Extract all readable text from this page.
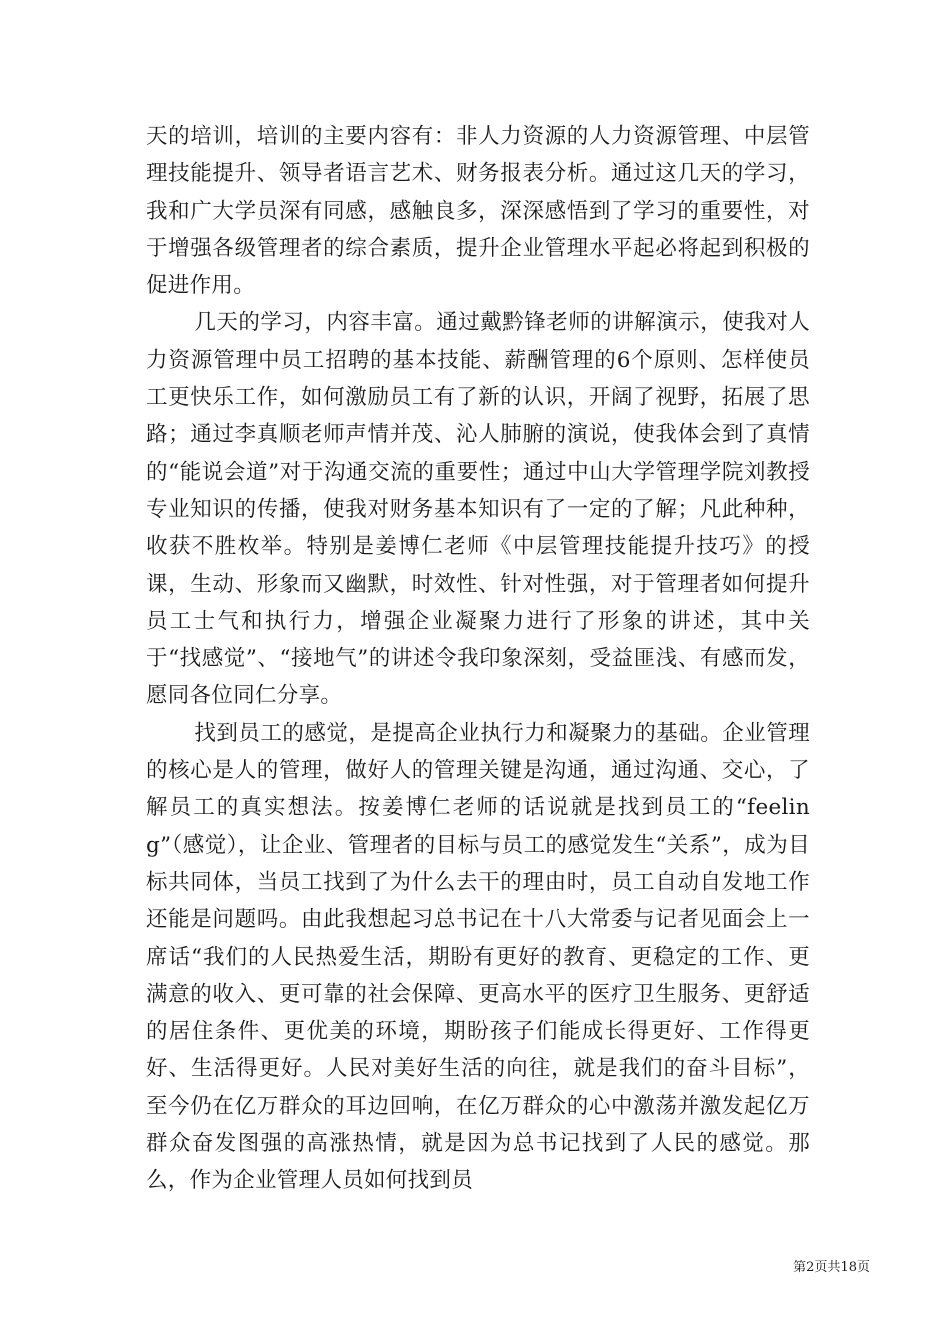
天的培训，培训的主要内容有：非人力资源的人力资源管理、中层管理技能提升、领导者语言艺术、财务报表分析。通过这几天的学习，我和广大学员深有同感，感触良多，深深感悟到了学习的重要性，对于增强各级管理者的综合素质，提升企业管理水平起必将起到积极的促进作用。

几天的学习，内容丰富。通过戴黔锋老师的讲解演示，使我对人力资源管理中员工招聘的基本技能、薪酬管理的6个原则、怎样使员工更快乐工作，如何激励员工有了新的认识，开阔了视野，拓展了思路；通过李真顺老师声情并茂、沁人肺腑的演说，使我体会到了真情的“能说会道”对于沟通交流的重要性；通过中山大学管理学院刘教授专业知识的传播，使我对财务基本知识有了一定的了解；凡此种种，收获不胜枚举。特别是姜博仁老师《中层管理技能提升技巧》的授课，生动、形象而又幽默，时效性、针对性强，对于管理者如何提升员工士气和执行力，增强企业凝聚力进行了形象的讲述，其中关于“找感觉”、“接地气”的讲述令我印象深刻，受益匪浅、有感而发，愿同各位同仁分享。

找到员工的感觉，是提高企业执行力和凝聚力的基础。企业管理的核心是人的管理，做好人的管理关键是沟通，通过沟通、交心，了解员工的真实想法。按姜博仁老师的话说就是找到员工的“feeling”（感觉），让企业、管理者的目标与员工的感觉发生“关系”，成为目标共同体，当员工找到了为什么去干的理由时，员工自动自发地工作还能是问题吗。由此我想起习总书记在十八大常委与记者见面会上一席话“我们的人民热爱生活，期盼有更好的教育、更稳定的工作、更满意的收入、更可靠的社会保障、更高水平的医疗卫生服务、更舒适的居住条件、更优美的环境，期盼孩子们能成长得更好、工作得更好、生活得更好。人民对美好生活的向往，就是我们的奋斗目标”，至今仍在亿万群众的耳边回响，在亿万群众的心中激荡并激发起亿万群众奋发图强的高涨热情，就是因为总书记找到了人民的感觉。那么，作为企业管理人员如何找到员

第2页共18页
